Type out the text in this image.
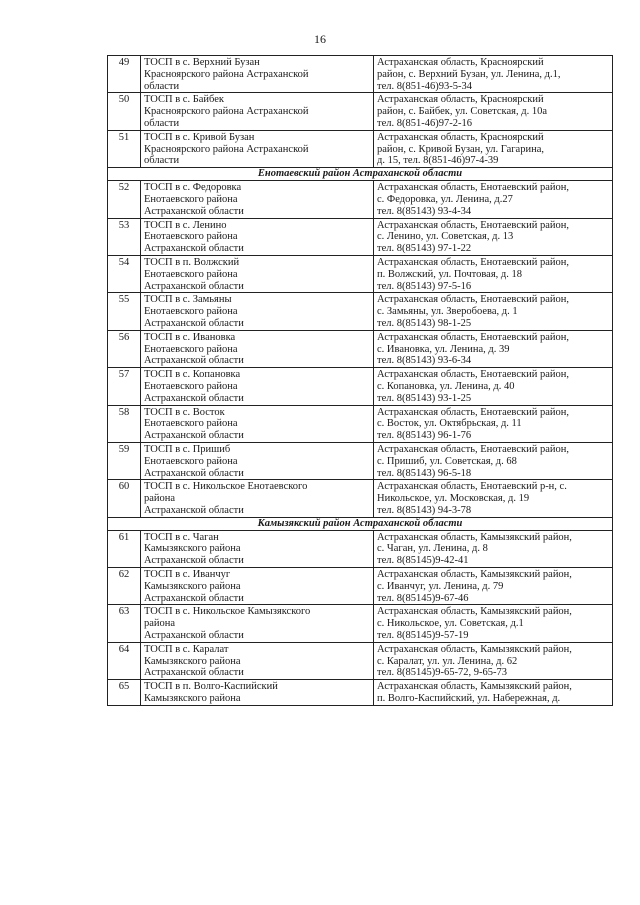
16
49	ТОСП в с. Верхний Бузан
Красноярского района Астраханской
области	Астраханская область, Красноярский
район, с. Верхний Бузан, ул. Ленина, д.1,
тел. 8(851-46)93-5-34

50	ТОСП в с. Байбек
Красноярского района Астраханской
области	Астраханская область, Красноярский
район, с. Байбек, ул. Советская, д. 10а
тел. 8(851-46)97-2-16

51	ТОСП в с. Кривой Бузан
Красноярского района Астраханской
области	Астраханская область, Красноярский
район, с. Кривой Бузан, ул. Гагарина,
д. 15, тел. 8(851-46)97-4-39

Енотаевский район Астраханской области		
52	ТОСП в с. Федоровка
Енотаевского района
Астраханской области	Астраханская область, Енотаевский район,
с. Федоровка, ул. Ленина, д.27
тел. 8(85143) 93-4-34

53	ТОСП в с. Ленино
Енотаевского района
Астраханской области	Астраханская область, Енотаевский район,
с. Ленино, ул. Советская, д. 13
тел. 8(85143) 97-1-22

54	ТОСП в п. Волжский
Енотаевского района
Астраханской области	Астраханская область, Енотаевский район,
п. Волжский, ул. Почтовая, д. 18
тел. 8(85143) 97-5-16

55	ТОСП в с. Замьяны
Енотаевского района
Астраханской области	Астраханская область, Енотаевский район,
с. Замьяны, ул. Зверобоева, д. 1
тел. 8(85143) 98-1-25

56	ТОСП в с. Ивановка
Енотаевского района
Астраханской области	Астраханская область, Енотаевский район,
с. Ивановка, ул. Ленина, д. 39
тел. 8(85143) 93-6-34

57	ТОСП в с. Копановка
Енотаевского района
Астраханской области	Астраханская область, Енотаевский район,
с. Копановка, ул. Ленина, д. 40
тел. 8(85143) 93-1-25

58	ТОСП в с. Восток
Енотаевского района
Астраханской области	Астраханская область, Енотаевский район,
с. Восток, ул. Октябрьская, д. 11
тел. 8(85143) 96-1-76

59	ТОСП в с. Пришиб
Енотаевского района
Астраханской области	Астраханская область, Енотаевский район,
с. Пришиб, ул. Советская, д. 68
тел. 8(85143) 96-5-18

60	ТОСП в с. Никольское Енотаевского
района
Астраханской области	Астраханская область, Енотаевский р-н, с.
Никольское, ул. Московская, д. 19
тел. 8(85143) 94-3-78

Камызякский район Астраханской области		
61	ТОСП в с. Чаган
Камызякского района
Астраханской области	Астраханская область, Камызякский район,
с. Чаган, ул. Ленина, д. 8
тел. 8(85145)9-42-41

62	ТОСП в с. Иванчуг
Камызякского района
Астраханской области	Астраханская область, Камызякский район,
с. Иванчуг, ул. Ленина, д. 79
тел. 8(85145)9-67-46

63	ТОСП в с. Никольское Камызякского
района
Астраханской области	Астраханская область, Камызякский район,
с. Никольское, ул. Советская, д.1
тел. 8(85145)9-57-19

64	ТОСП в с. Каралат
Камызякского района
Астраханской области	Астраханская область, Камызякский район,
с. Каралат, ул. ул. Ленина, д. 62
тел. 8(85145)9-65-72, 9-65-73

65	ТОСП в п. Волго-Каспийский
Камызякского района	Астраханская область, Камызякский район,
п. Волго-Каспийский, ул. Набережная, д.
